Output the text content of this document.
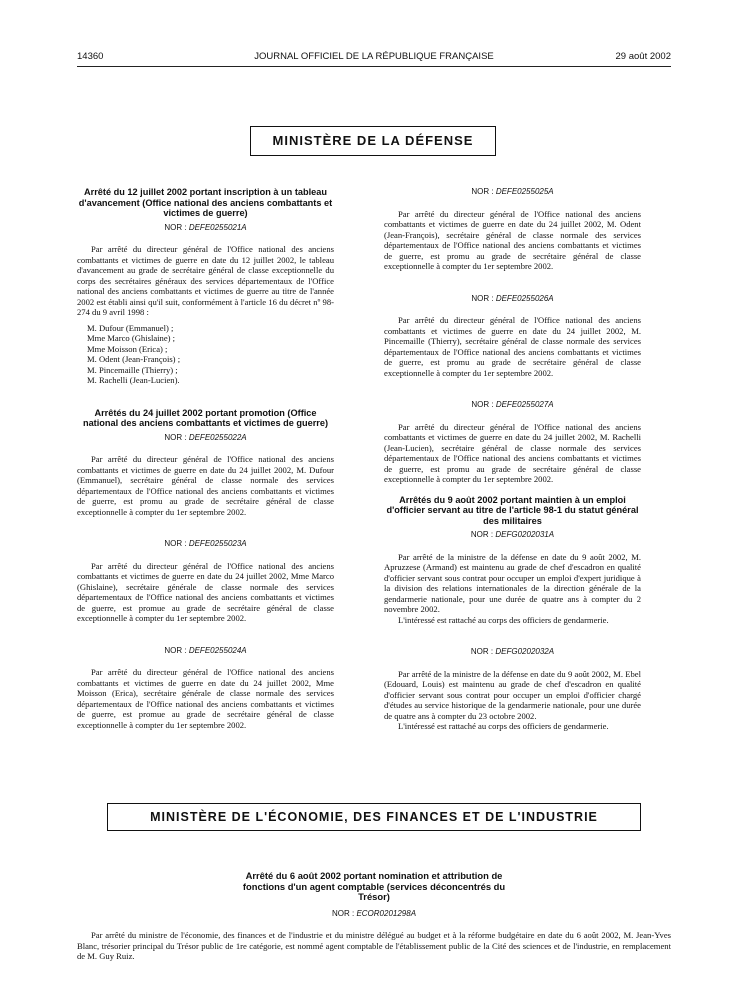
14360	JOURNAL OFFICIEL DE LA RÉPUBLIQUE FRANÇAISE	29 août 2002
MINISTÈRE DE LA DÉFENSE
Arrêté du 12 juillet 2002 portant inscription à un tableau d'avancement (Office national des anciens combattants et victimes de guerre)
NOR : DEFE0255021A

Par arrêté du directeur général de l'Office national des anciens combattants et victimes de guerre en date du 12 juillet 2002, le tableau d'avancement au grade de secrétaire général de classe exceptionnelle du corps des secrétaires généraux des services départementaux de l'Office national des anciens combattants et victimes de guerre au titre de l'année 2002 est établi ainsi qu'il suit, conformément à l'article 16 du décret nº 98-274 du 9 avril 1998 :

M. Dufour (Emmanuel) ;
Mme Marco (Ghislaine) ;
Mme Moisson (Erica) ;
M. Odent (Jean-François) ;
M. Pincemaille (Thierry) ;
M. Rachelli (Jean-Lucien).
Arrêtés du 24 juillet 2002 portant promotion (Office national des anciens combattants et victimes de guerre)
NOR : DEFE0255022A

Par arrêté du directeur général de l'Office national des anciens combattants et victimes de guerre en date du 24 juillet 2002, M. Dufour (Emmanuel), secrétaire général de classe normale des services départementaux de l'Office national des anciens combattants et victimes de guerre, est promu au grade de secrétaire général de classe exceptionnelle à compter du 1er septembre 2002.

NOR : DEFE0255023A

Par arrêté du directeur général de l'Office national des anciens combattants et victimes de guerre en date du 24 juillet 2002, Mme Marco (Ghislaine), secrétaire générale de classe normale des services départementaux de l'Office national des anciens combattants et victimes de guerre, est promue au grade de secrétaire général de classe exceptionnelle à compter du 1er septembre 2002.

NOR : DEFE0255024A

Par arrêté du directeur général de l'Office national des anciens combattants et victimes de guerre en date du 24 juillet 2002, Mme Moisson (Erica), secrétaire générale de classe normale des services départementaux de l'Office national des anciens combattants et victimes de guerre, est promue au grade de secrétaire général de classe exceptionnelle à compter du 1er septembre 2002.

NOR : DEFE0255025A

Par arrêté du directeur général de l'Office national des anciens combattants et victimes de guerre en date du 24 juillet 2002, M. Odent (Jean-François), secrétaire général de classe normale des services départementaux de l'Office national des anciens combattants et victimes de guerre, est promu au grade de secrétaire général de classe exceptionnelle à compter du 1er septembre 2002.

NOR : DEFE0255026A

Par arrêté du directeur général de l'Office national des anciens combattants et victimes de guerre en date du 24 juillet 2002, M. Pincemaille (Thierry), secrétaire général de classe normale des services départementaux de l'Office national des anciens combattants et victimes de guerre, est promu au grade de secrétaire général de classe exceptionnelle à compter du 1er septembre 2002.

NOR : DEFE0255027A

Par arrêté du directeur général de l'Office national des anciens combattants et victimes de guerre en date du 24 juillet 2002, M. Rachelli (Jean-Lucien), secrétaire général de classe normale des services départementaux de l'Office national des anciens combattants et victimes de guerre, est promu au grade de secrétaire général de classe exceptionnelle à compter du 1er septembre 2002.

Arrêtés du 9 août 2002 portant maintien à un emploi d'officier servant au titre de l'article 98-1 du statut général des militaires
NOR : DEFG0202031A

Par arrêté de la ministre de la défense en date du 9 août 2002, M. Apruzzese (Armand) est maintenu au grade de chef d'escadron en qualité d'officier servant sous contrat pour occuper un emploi d'expert juridique à la division des relations internationales de la direction générale de la gendarmerie nationale, pour une durée de quatre ans à compter du 2 novembre 2002.

L'intéressé est rattaché au corps des officiers de gendarmerie.

NOR : DEFG0202032A

Par arrêté de la ministre de la défense en date du 9 août 2002, M. Ebel (Edouard, Louis) est maintenu au grade de chef d'escadron en qualité d'officier servant sous contrat pour occuper un emploi d'officier chargé d'études au service historique de la gendarmerie nationale, pour une durée de quatre ans à compter du 23 octobre 2002.

L'intéressé est rattaché au corps des officiers de gendarmerie.

MINISTÈRE DE L'ÉCONOMIE, DES FINANCES ET DE L'INDUSTRIE
Arrêté du 6 août 2002 portant nomination et attribution de fonctions d'un agent comptable (services déconcentrés du Trésor)
NOR : ECOR0201298A

Par arrêté du ministre de l'économie, des finances et de l'industrie et du ministre délégué au budget et à la réforme budgétaire en date du 6 août 2002, M. Jean-Yves Blanc, trésorier principal du Trésor public de 1re catégorie, est nommé agent comptable de l'établissement public de la Cité des sciences et de l'industrie, en remplacement de M. Guy Ruiz.
